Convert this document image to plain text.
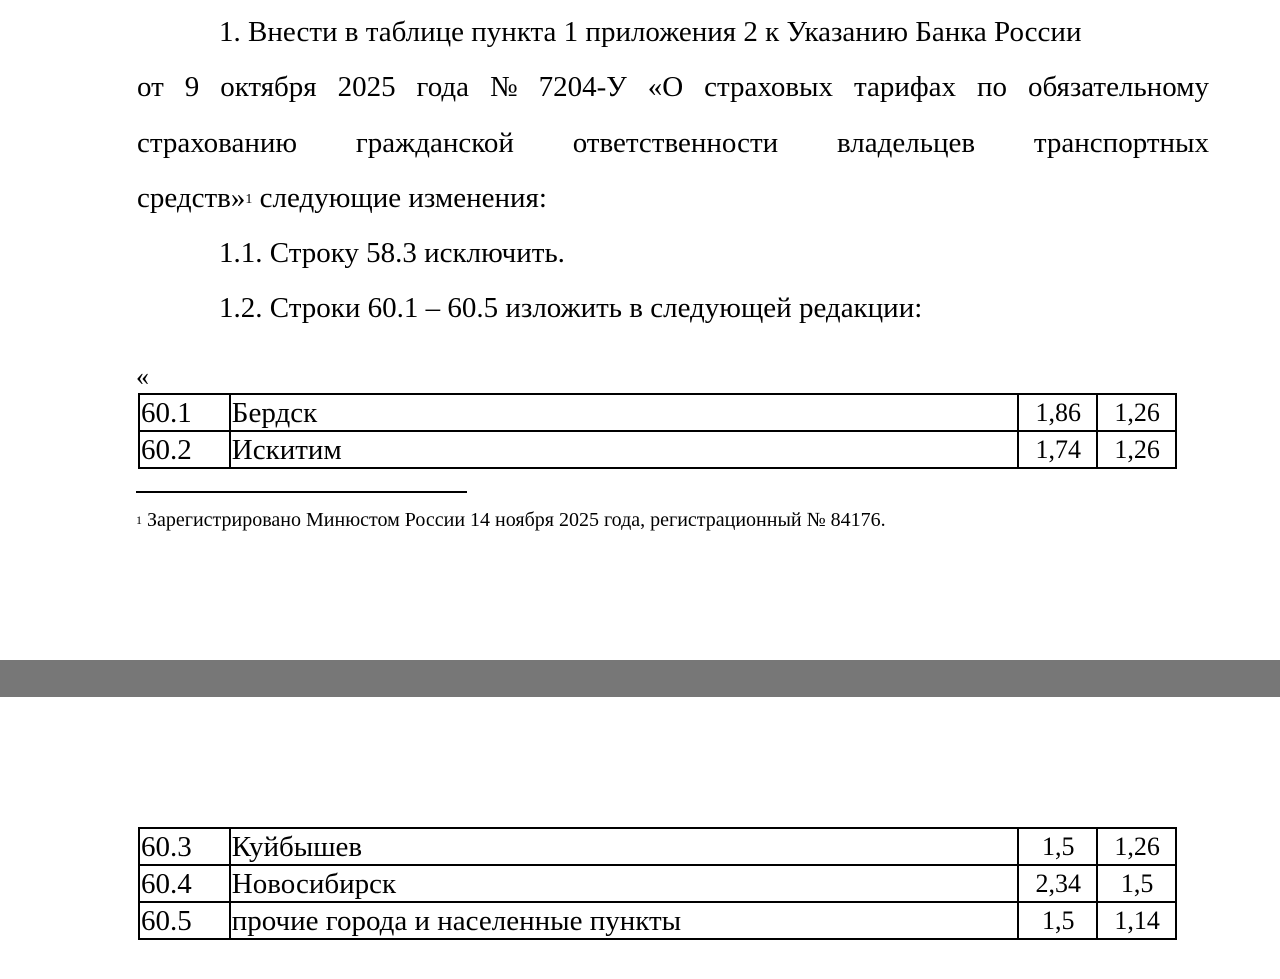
1. Внести в таблице пункта 1 приложения 2 к Указанию Банка России
от 9 октября 2025 года № 7204-У «О страховых тарифах по обязательному
страхованию гражданской ответственности владельцев транспортных
средств»$^1$ следующие изменения:
1.1. Строку 58.3 исключить.
1.2. Строки 60.1 – 60.5 изложить в следующей редакции:
«
60.1	Бердск	1,86	1,26
60.2	Искитим	1,74	1,26
$^1$ Зарегистрировано Минюстом России 14 ноября 2025 года, регистрационный № 84176.
60.3	Куйбышев	1,5	1,26
60.4	Новосибирск	2,34	1,5
60.5	прочие города и населенные пункты	1,5	1,14
